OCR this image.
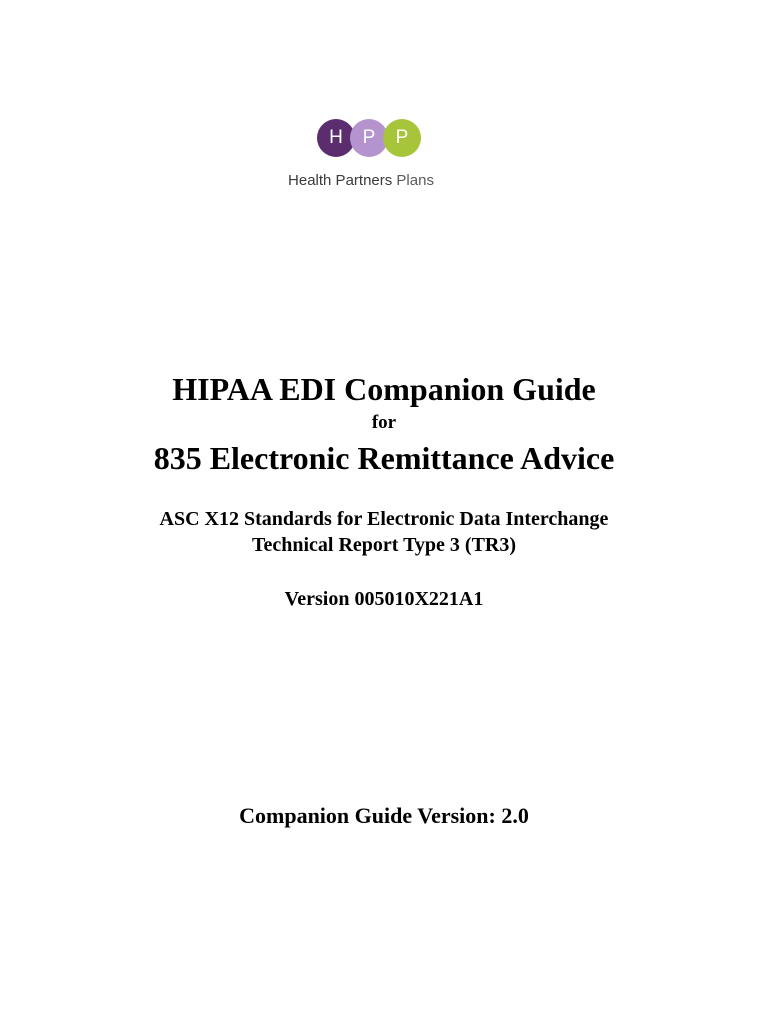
H	P	P
Health Partners Plans
HIPAA EDI Companion Guide
for
835 Electronic Remittance Advice
ASC X12 Standards for Electronic Data Interchange
Technical Report Type 3 (TR3)
Version 005010X221A1
Companion Guide Version: 2.0
